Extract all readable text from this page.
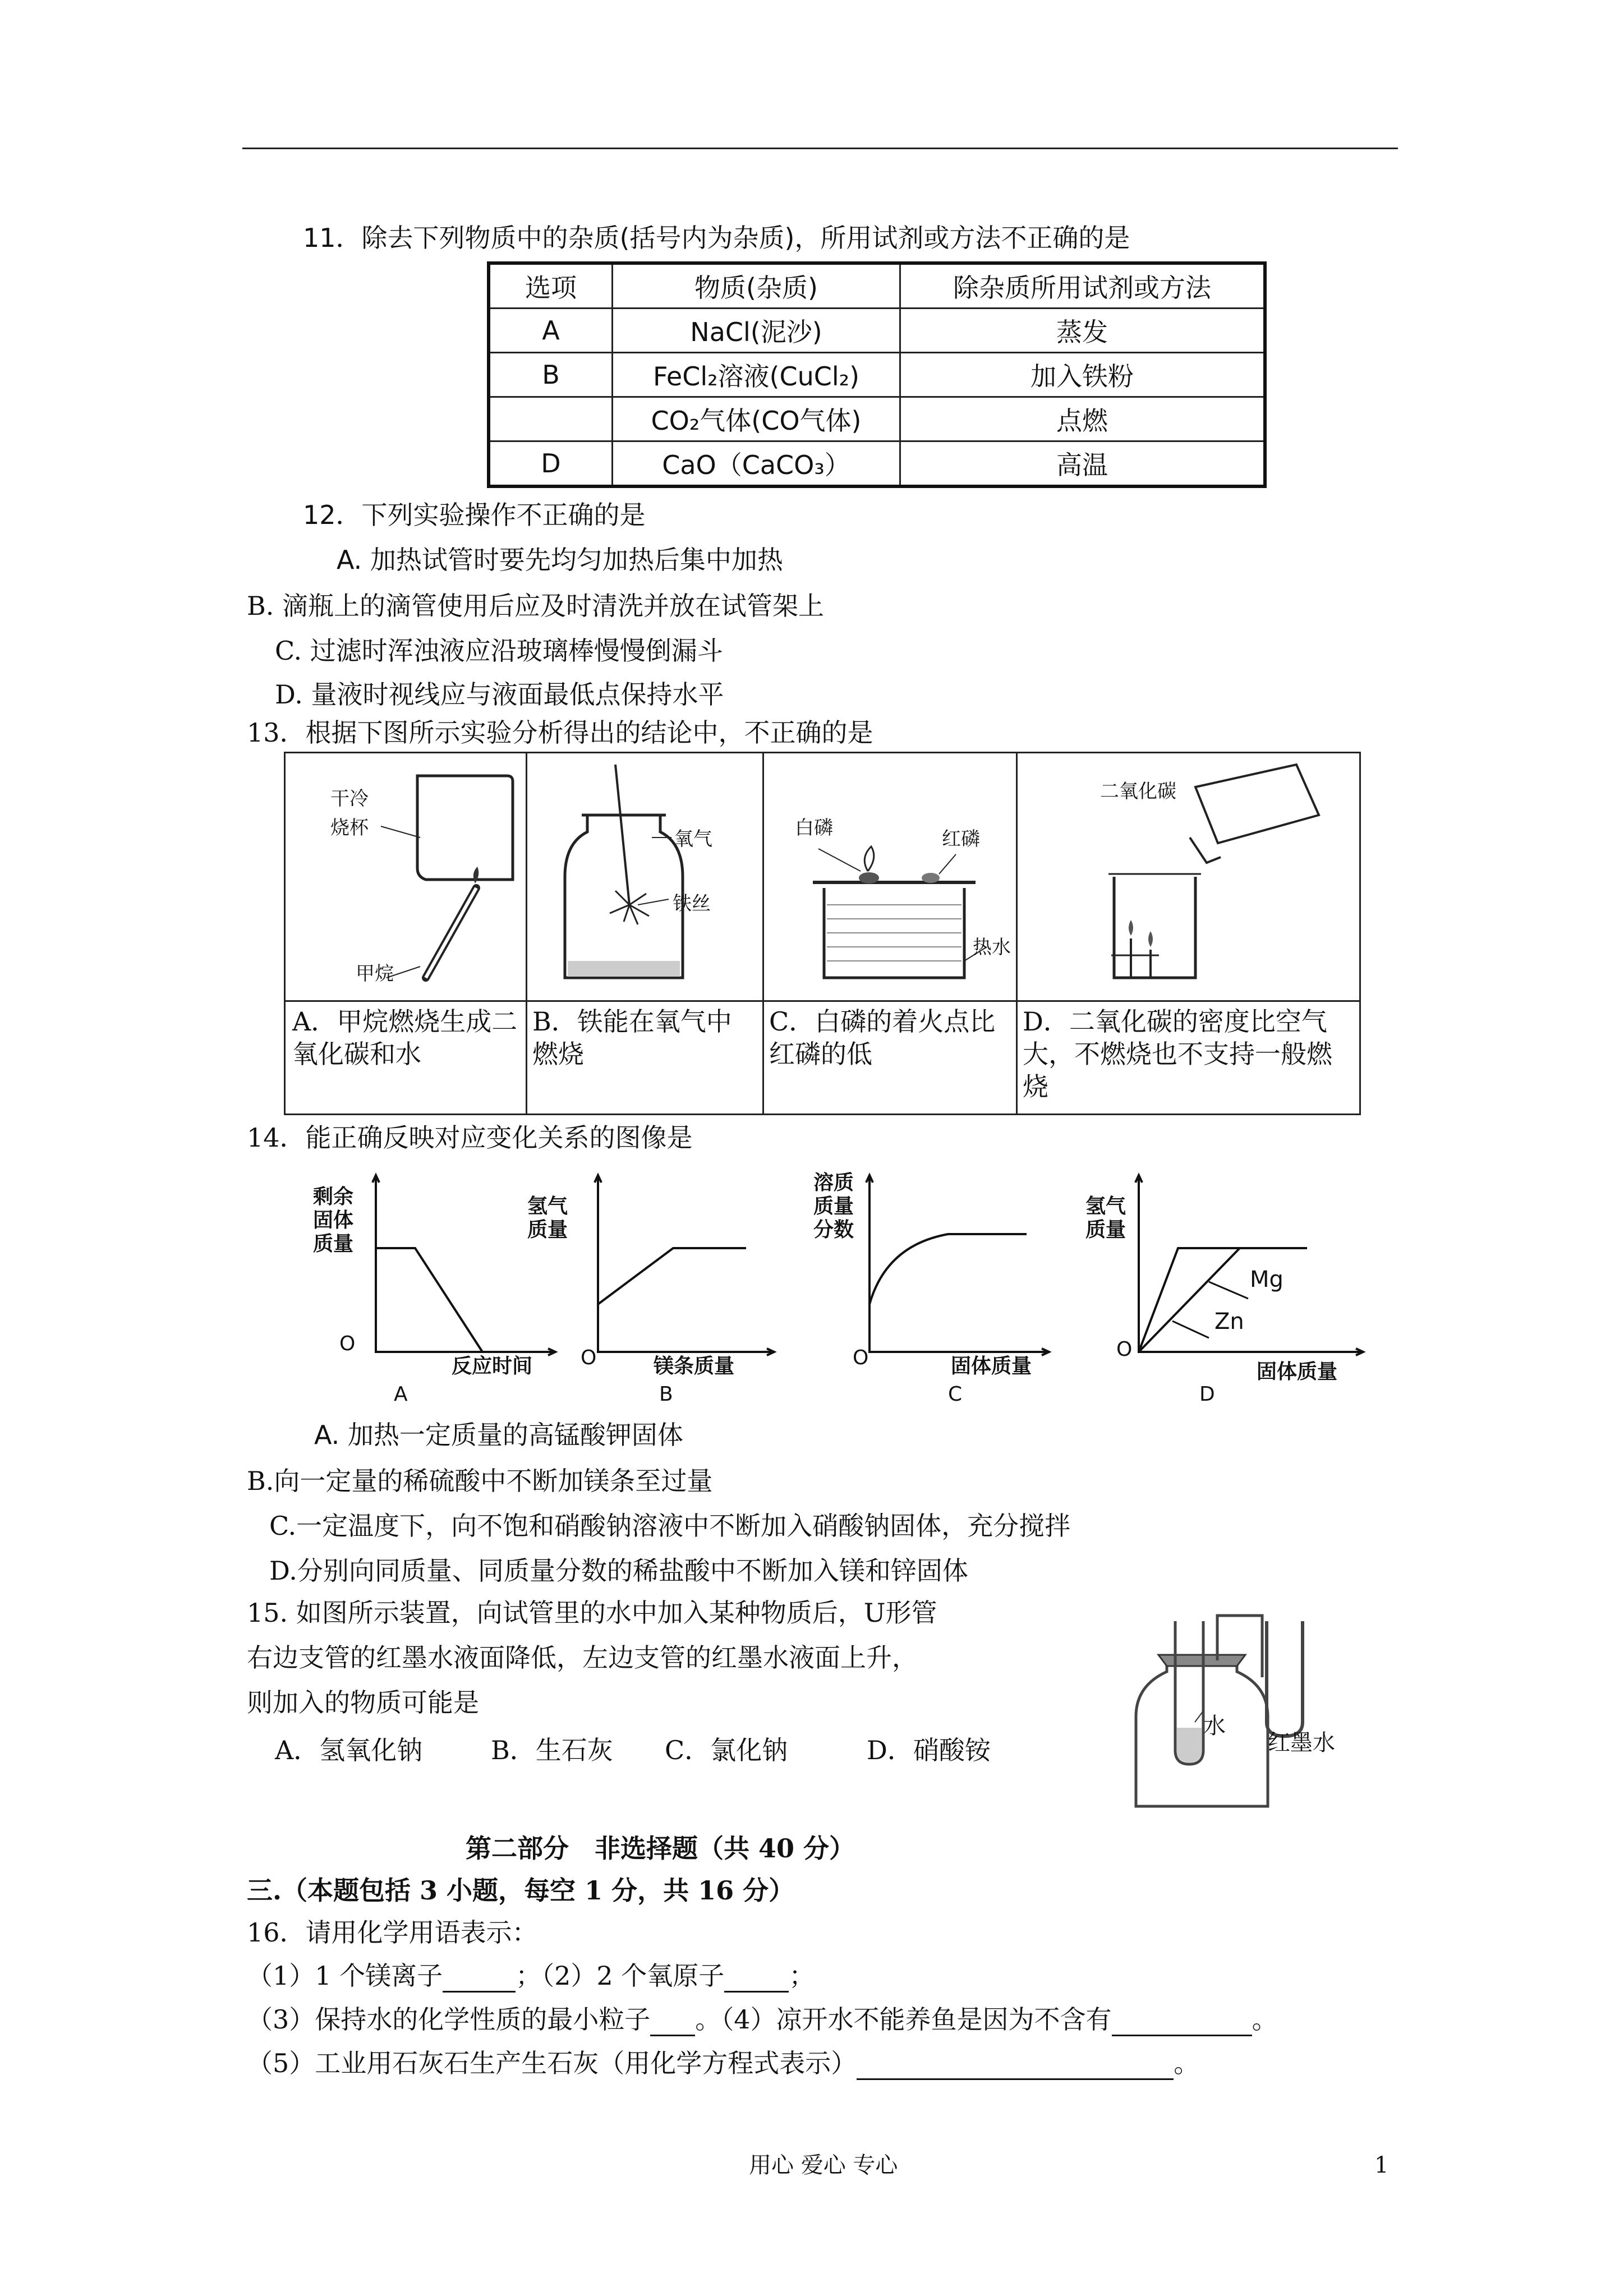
11．除去下列物质中的杂质(括号内为杂质)，所用试剂或方法不正确的是
选项	物质(杂质)	除杂质所用试剂或方法
A	NaCl(泥沙)	蒸发
B	FeCl₂溶液(CuCl₂)	加入铁粉
	CO₂气体(CO气体)	点燃
D	CaO（CaCO₃）	高温
12．下列实验操作不正确的是
A. 加热试管时要先均匀加热后集中加热
B. 滴瓶上的滴管使用后应及时清洗并放在试管架上
C. 过滤时浑浊液应沿玻璃棒慢慢倒漏斗
D. 量液时视线应与液面最低点保持水平
13．根据下图所示实验分析得出的结论中，不正确的是
干冷
烧杯
甲烷
A．甲烷燃烧生成二氧化碳和水
氧气
铁丝
B．铁能在氧气中燃烧
白磷	红磷
热水
C．白磷的着火点比红磷的低
二氧化碳
D．二氧化碳的密度比空气大，不燃烧也不支持一般燃烧
14．能正确反映对应变化关系的图像是
剩余
固体
质量
O
反应时间
A
氢气
质量
O	镁条质量
B
溶质
质量
分数
O	固体质量
C
氢气
质量
Mg
Zn
O
固体质量
D
A. 加热一定质量的高锰酸钾固体
B.向一定量的稀硫酸中不断加镁条至过量
C.一定温度下，向不饱和硝酸钠溶液中不断加入硝酸钠固体，充分搅拌
D.分别向同质量、同质量分数的稀盐酸中不断加入镁和锌固体
15. 如图所示装置，向试管里的水中加入某种物质后，U形管
右边支管的红墨水液面降低，左边支管的红墨水液面上升，
则加入的物质可能是
A．氢氧化钠	B．生石灰 C．氯化钠	D．硝酸铵
水
红墨水
第二部分　非选择题（共 40 分）
三.（本题包括 3 小题，每空 1 分，共 16 分）
16．请用化学用语表示：
（1）1 个镁离子	；（2）2 个氧原子	；
（3）保持水的化学性质的最小粒子 。（4）凉开水不能养鱼是因为不含有	。
（5）工业用石灰石生产生石灰（用化学方程式表示）	。
用心 爱心 专心	1
